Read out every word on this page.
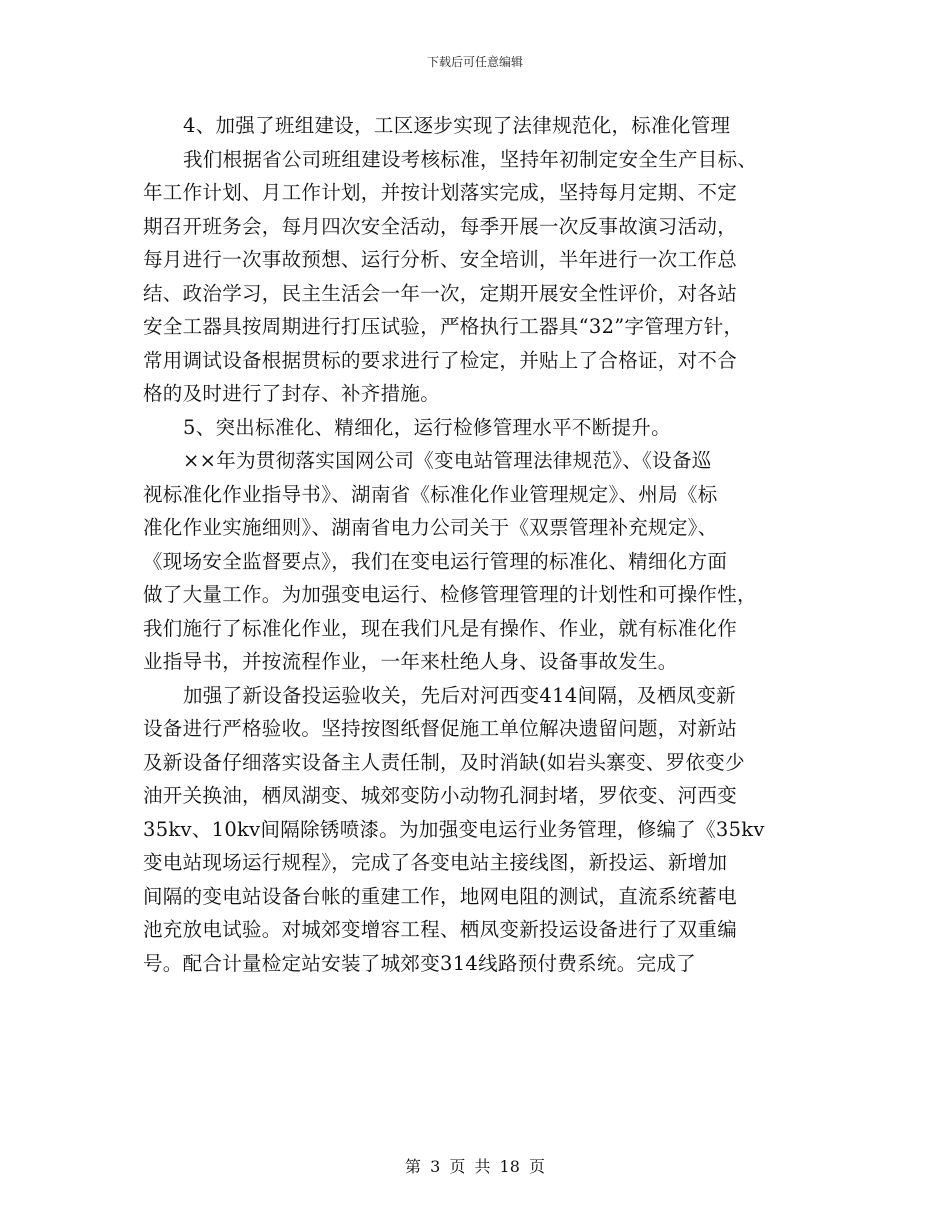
下载后可任意编辑
4、加强了班组建设，工区逐步实现了法律规范化，标准化管理
我们根据省公司班组建设考核标准，坚持年初制定安全生产目标、
年工作计划、月工作计划，并按计划落实完成，坚持每月定期、不定
期召开班务会，每月四次安全活动，每季开展一次反事故演习活动，
每月进行一次事故预想、运行分析、安全培训，半年进行一次工作总
结、政治学习，民主生活会一年一次，定期开展安全性评价，对各站
安全工器具按周期进行打压试验，严格执行工器具“32”字管理方针，
常用调试设备根据贯标的要求进行了检定，并贴上了合格证，对不合
格的及时进行了封存、补齐措施。
5、突出标准化、精细化，运行检修管理水平不断提升。
××年为贯彻落实国网公司《变电站管理法律规范》、《设备巡
视标准化作业指导书》、湖南省《标准化作业管理规定》、州局《标
准化作业实施细则》、湖南省电力公司关于《双票管理补充规定》、
《现场安全监督要点》，我们在变电运行管理的标准化、精细化方面
做了大量工作。为加强变电运行、检修管理管理的计划性和可操作性，
我们施行了标准化作业，现在我们凡是有操作、作业，就有标准化作
业指导书，并按流程作业，一年来杜绝人身、设备事故发生。
加强了新设备投运验收关，先后对河西变414间隔，及栖凤变新
设备进行严格验收。坚持按图纸督促施工单位解决遗留问题，对新站
及新设备仔细落实设备主人责任制，及时消缺(如岩头寨变、罗依变少
油开关换油，栖凤湖变、城郊变防小动物孔洞封堵，罗依变、河西变
35kv、10kv间隔除锈喷漆。为加强变电运行业务管理，修编了《35kv
变电站现场运行规程》，完成了各变电站主接线图，新投运、新增加
间隔的变电站设备台帐的重建工作，地网电阻的测试，直流系统蓄电
池充放电试验。对城郊变增容工程、栖凤变新投运设备进行了双重编
号。配合计量检定站安装了城郊变314线路预付费系统。完成了
第 3 页 共 18 页
